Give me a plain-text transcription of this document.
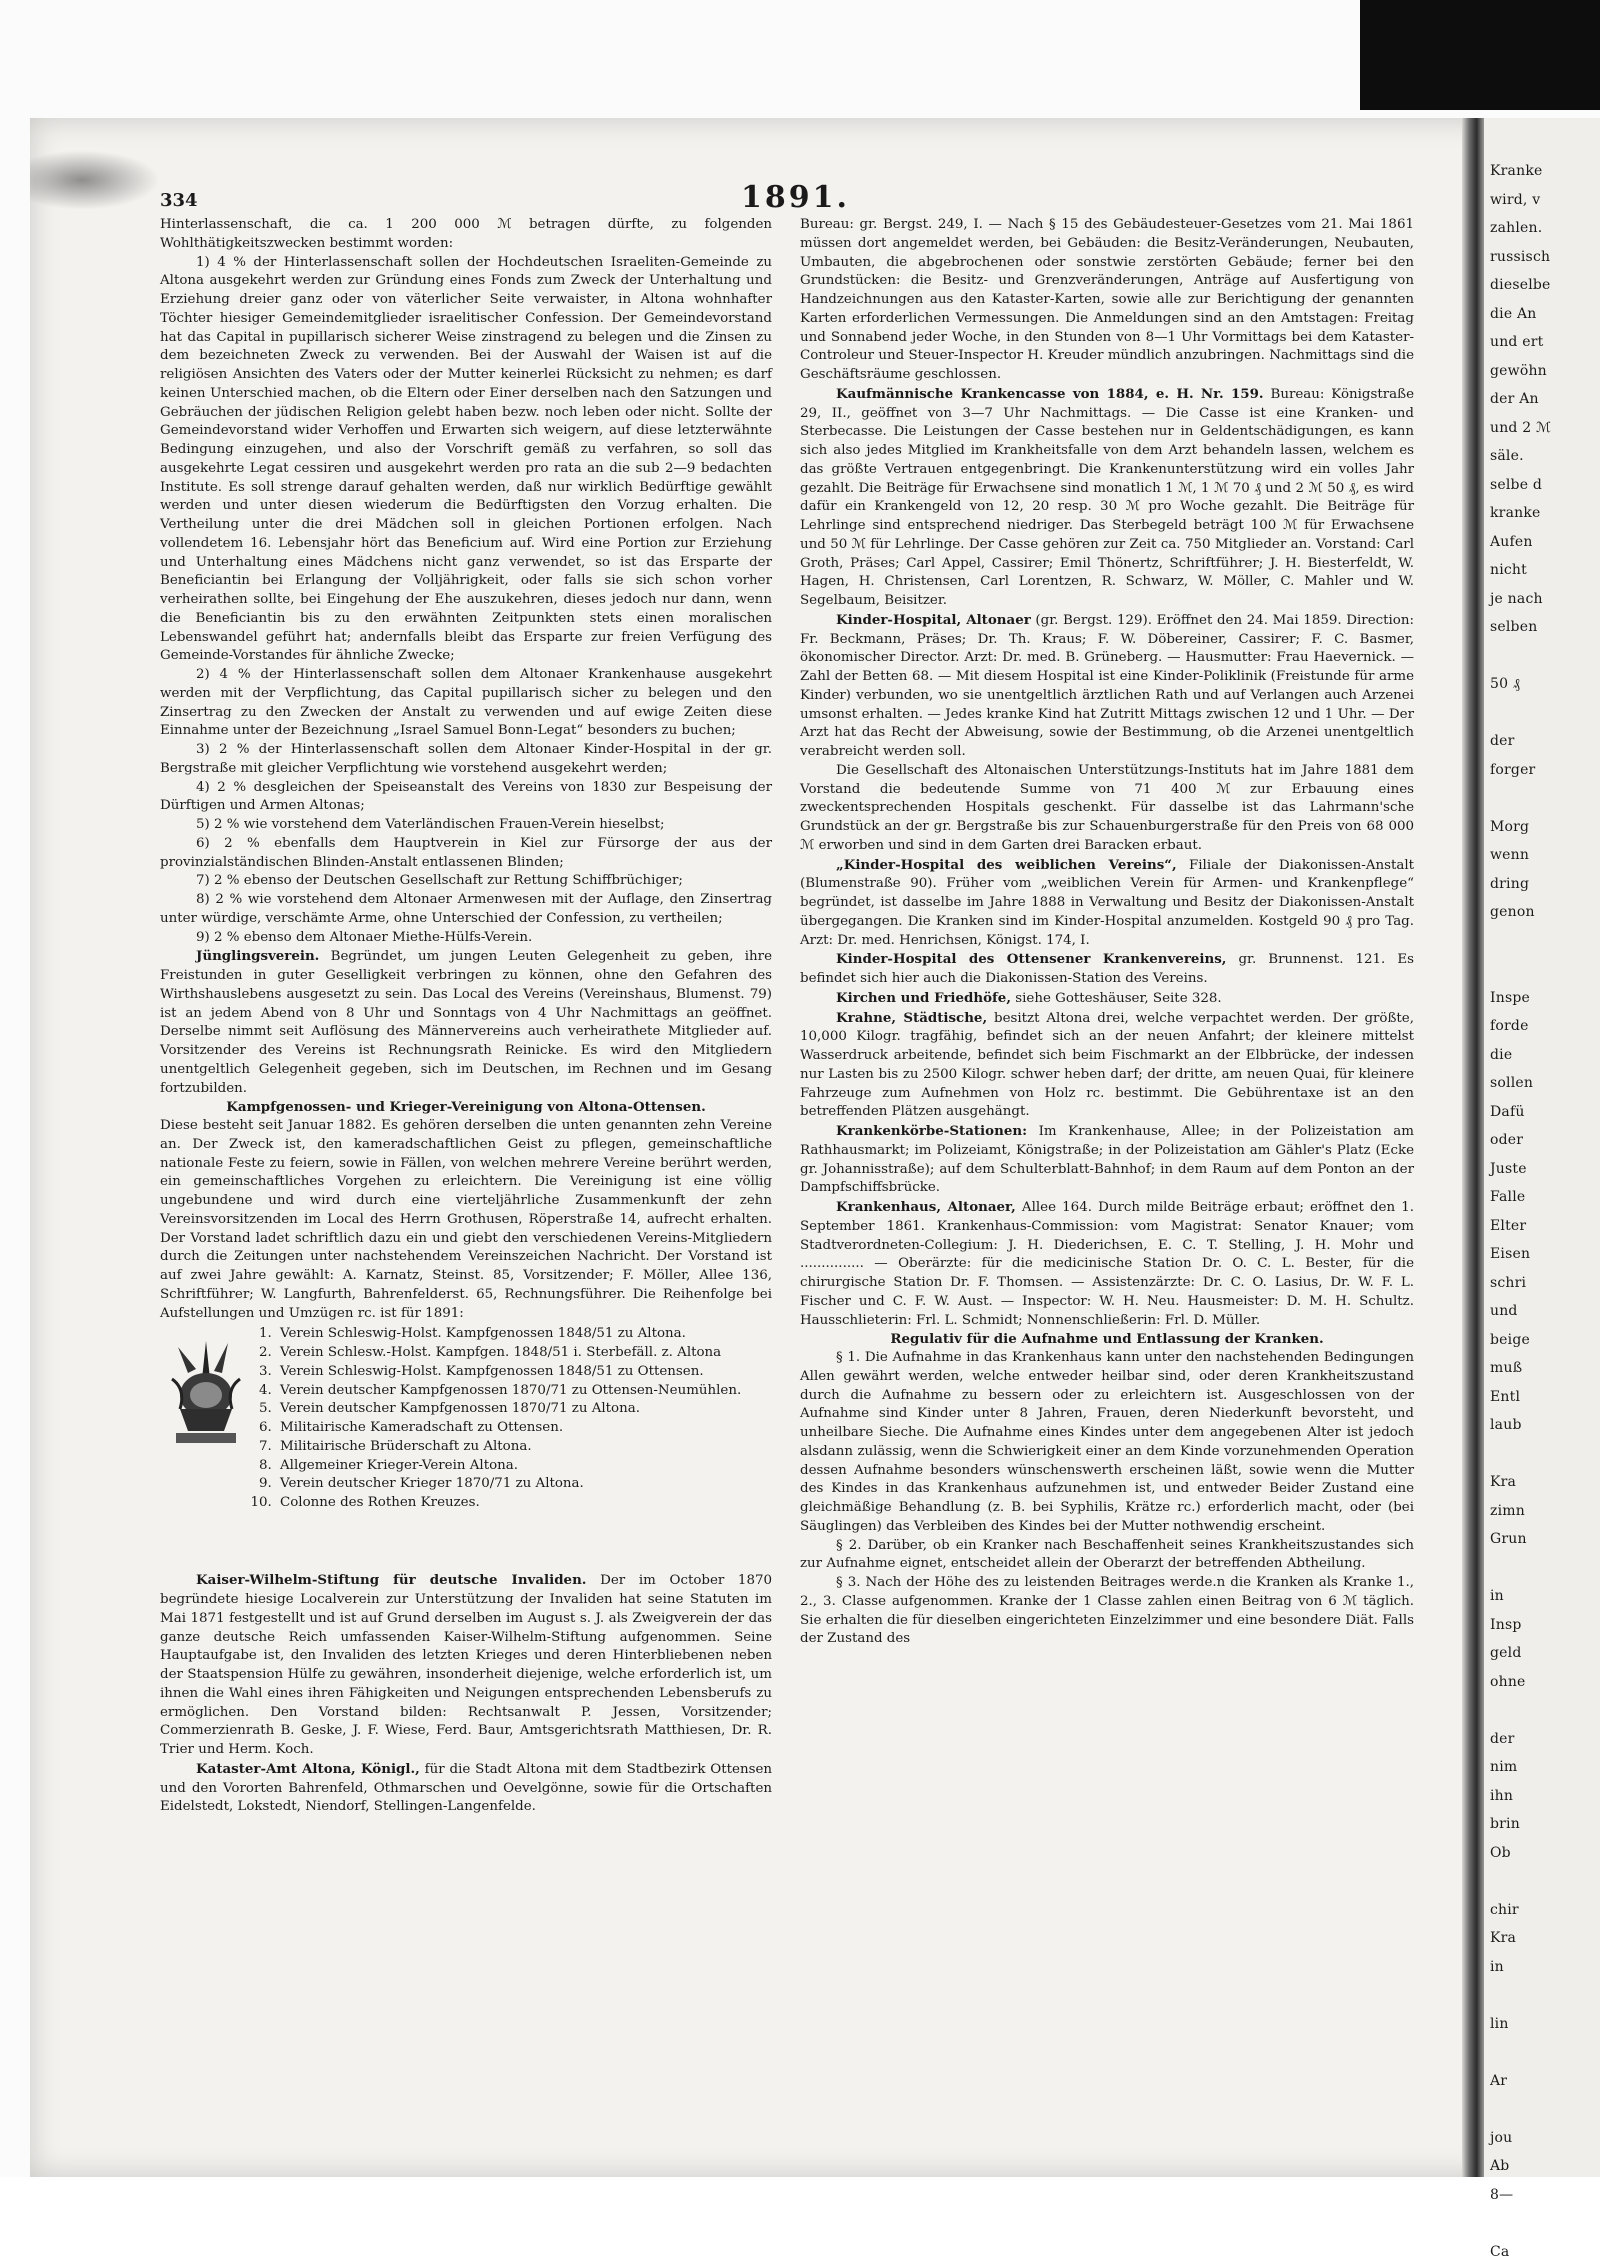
Kranke
wird, v
zahlen.
russisch
dieselbe
die An
und ert
gewöhn
der An
und 2 ℳ
säle.
selbe d
kranke
Aufen
nicht
je nach
selben
50 ₰
der
forger
Morg
wenn
dring
genon
Inspe
forde
die
sollen
Dafü
oder
Juste
Falle
Elter
Eisen
schri
und
beige
muß
Entl
laub
Kra
zimn
Grun
in
Insp
geld
ohne
der
nim
ihn
brin
Ob
chir
Kra
in
lin
Ar
jou
Ab
8—
Ca
334	1891.

Hinterlassenschaft, die ca. 1 200 000 ℳ betragen dürfte, zu folgenden Wohlthätigkeitszwecken bestimmt worden:

1) 4 % der Hinterlassenschaft sollen der Hochdeutschen Israeliten-Gemeinde zu Altona ausgekehrt werden zur Gründung eines Fonds zum Zweck der Unterhaltung und Erziehung dreier ganz oder von väterlicher Seite verwaister, in Altona wohnhafter Töchter hiesiger Gemeindemitglieder israelitischer Confession. Der Gemeindevorstand hat das Capital in pupillarisch sicherer Weise zinstragend zu belegen und die Zinsen zu dem bezeichneten Zweck zu verwenden. Bei der Auswahl der Waisen ist auf die religiösen Ansichten des Vaters oder der Mutter keinerlei Rücksicht zu nehmen; es darf keinen Unterschied machen, ob die Eltern oder Einer derselben nach den Satzungen und Gebräuchen der jüdischen Religion gelebt haben bezw. noch leben oder nicht. Sollte der Gemeindevorstand wider Verhoffen und Erwarten sich weigern, auf diese letzterwähnte Bedingung einzugehen, und also der Vorschrift gemäß zu verfahren, so soll das ausgekehrte Legat cessiren und ausgekehrt werden pro rata an die sub 2—9 bedachten Institute. Es soll strenge darauf gehalten werden, daß nur wirklich Bedürftige gewählt werden und unter diesen wiederum die Bedürftigsten den Vorzug erhalten. Die Vertheilung unter die drei Mädchen soll in gleichen Portionen erfolgen. Nach vollendetem 16. Lebensjahr hört das Beneficium auf. Wird eine Portion zur Erziehung und Unterhaltung eines Mädchens nicht ganz verwendet, so ist das Ersparte der Beneficiantin bei Erlangung der Volljährigkeit, oder falls sie sich schon vorher verheirathen sollte, bei Eingehung der Ehe auszukehren, dieses jedoch nur dann, wenn die Beneficiantin bis zu den erwähnten Zeitpunkten stets einen moralischen Lebenswandel geführt hat; andernfalls bleibt das Ersparte zur freien Verfügung des Gemeinde-Vorstandes für ähnliche Zwecke;

2) 4 % der Hinterlassenschaft sollen dem Altonaer Krankenhause ausgekehrt werden mit der Verpflichtung, das Capital pupillarisch sicher zu belegen und den Zinsertrag zu den Zwecken der Anstalt zu verwenden und auf ewige Zeiten diese Einnahme unter der Bezeichnung „Israel Samuel Bonn-Legat“ besonders zu buchen;

3) 2 % der Hinterlassenschaft sollen dem Altonaer Kinder-Hospital in der gr. Bergstraße mit gleicher Verpflichtung wie vorstehend ausgekehrt werden;

4) 2 % desgleichen der Speiseanstalt des Vereins von 1830 zur Bespeisung der Dürftigen und Armen Altonas;

5) 2 % wie vorstehend dem Vaterländischen Frauen-Verein hieselbst;

6) 2 % ebenfalls dem Hauptverein in Kiel zur Fürsorge der aus der provinzialständischen Blinden-Anstalt entlassenen Blinden;

7) 2 % ebenso der Deutschen Gesellschaft zur Rettung Schiffbrüchiger;

8) 2 % wie vorstehend dem Altonaer Armenwesen mit der Auflage, den Zinsertrag unter würdige, verschämte Arme, ohne Unterschied der Confession, zu vertheilen;

9) 2 % ebenso dem Altonaer Miethe-Hülfs-Verein.

Jünglingsverein. Begründet, um jungen Leuten Gelegenheit zu geben, ihre Freistunden in guter Geselligkeit verbringen zu können, ohne den Gefahren des Wirthshauslebens ausgesetzt zu sein. Das Local des Vereins (Vereinshaus, Blumenst. 79) ist an jedem Abend von 8 Uhr und Sonntags von 4 Uhr Nachmittags an geöffnet. Derselbe nimmt seit Auflösung des Männervereins auch verheirathete Mitglieder auf. Vorsitzender des Vereins ist Rechnungsrath Reinicke. Es wird den Mitgliedern unentgeltlich Gelegenheit gegeben, sich im Deutschen, im Rechnen und im Gesang fortzubilden.

Kampfgenossen- und Krieger-Vereinigung von Altona-Ottensen.

Diese besteht seit Januar 1882. Es gehören derselben die unten genannten zehn Vereine an. Der Zweck ist, den kameradschaftlichen Geist zu pflegen, gemeinschaftliche nationale Feste zu feiern, sowie in Fällen, von welchen mehrere Vereine berührt werden, ein gemeinschaftliches Vorgehen zu erleichtern. Die Vereinigung ist eine völlig ungebundene und wird durch eine vierteljährliche Zusammenkunft der zehn Vereinsvorsitzenden im Local des Herrn Grothusen, Röperstraße 14, aufrecht erhalten. Der Vorstand ladet schriftlich dazu ein und giebt den verschiedenen Vereins-Mitgliedern durch die Zeitungen unter nachstehendem Vereinszeichen Nachricht. Der Vorstand ist auf zwei Jahre gewählt: A. Karnatz, Steinst. 85, Vorsitzender; F. Möller, Allee 136, Schriftführer; W. Langfurth, Bahrenfelderst. 65, Rechnungsführer. Die Reihenfolge bei Aufstellungen und Umzügen rc. ist für 1891:

1. Verein Schleswig-Holst. Kampfgenossen 1848/51 zu Altona.
2. Verein Schlesw.-Holst. Kampfgen. 1848/51 i. Sterbefäll. z. Altona
3. Verein Schleswig-Holst. Kampfgenossen 1848/51 zu Ottensen.
4. Verein deutscher Kampfgenossen 1870/71 zu Ottensen-Neumühlen.
5. Verein deutscher Kampfgenossen 1870/71 zu Altona.
6. Militairische Kameradschaft zu Ottensen.
7. Militairische Brüderschaft zu Altona.
8. Allgemeiner Krieger-Verein Altona.
9. Verein deutscher Krieger 1870/71 zu Altona.
10. Colonne des Rothen Kreuzes.

Kaiser-Wilhelm-Stiftung für deutsche Invaliden. Der im October 1870 begründete hiesige Localverein zur Unterstützung der Invaliden hat seine Statuten im Mai 1871 festgestellt und ist auf Grund derselben im August s. J. als Zweigverein der das ganze deutsche Reich umfassenden Kaiser-Wilhelm-Stiftung aufgenommen. Seine Hauptaufgabe ist, den Invaliden des letzten Krieges und deren Hinterbliebenen neben der Staatspension Hülfe zu gewähren, insonderheit diejenige, welche erforderlich ist, um ihnen die Wahl eines ihren Fähigkeiten und Neigungen entsprechenden Lebensberufs zu ermöglichen. Den Vorstand bilden: Rechtsanwalt P. Jessen, Vorsitzender; Commerzienrath B. Geske, J. F. Wiese, Ferd. Baur, Amtsgerichtsrath Matthiesen, Dr. R. Trier und Herm. Koch.

Kataster-Amt Altona, Königl., für die Stadt Altona mit dem Stadtbezirk Ottensen und den Vororten Bahrenfeld, Othmarschen und Oevelgönne, sowie für die Ortschaften Eidelstedt, Lokstedt, Niendorf, Stellingen-Langenfelde.

Bureau: gr. Bergst. 249, I. — Nach § 15 des Gebäudesteuer-Gesetzes vom 21. Mai 1861 müssen dort angemeldet werden, bei Gebäuden: die Besitz-Veränderungen, Neubauten, Umbauten, die abgebrochenen oder sonstwie zerstörten Gebäude; ferner bei den Grundstücken: die Besitz- und Grenzveränderungen, Anträge auf Ausfertigung von Handzeichnungen aus den Kataster-Karten, sowie alle zur Berichtigung der genannten Karten erforderlichen Vermessungen. Die Anmeldungen sind an den Amtstagen: Freitag und Sonnabend jeder Woche, in den Stunden von 8—1 Uhr Vormittags bei dem Kataster-Controleur und Steuer-Inspector H. Kreuder mündlich anzubringen. Nachmittags sind die Geschäftsräume geschlossen.

Kaufmännische Krankencasse von 1884, e. H. Nr. 159. Bureau: Königstraße 29, II., geöffnet von 3—7 Uhr Nachmittags. — Die Casse ist eine Kranken- und Sterbecasse. Die Leistungen der Casse bestehen nur in Geldentschädigungen, es kann sich also jedes Mitglied im Krankheitsfalle von dem Arzt behandeln lassen, welchem es das größte Vertrauen entgegenbringt. Die Krankenunterstützung wird ein volles Jahr gezahlt. Die Beiträge für Erwachsene sind monatlich 1 ℳ, 1 ℳ 70 ₰ und 2 ℳ 50 ₰, es wird dafür ein Krankengeld von 12, 20 resp. 30 ℳ pro Woche gezahlt. Die Beiträge für Lehrlinge sind entsprechend niedriger. Das Sterbegeld beträgt 100 ℳ für Erwachsene und 50 ℳ für Lehrlinge. Der Casse gehören zur Zeit ca. 750 Mitglieder an. Vorstand: Carl Groth, Präses; Carl Appel, Cassirer; Emil Thönertz, Schriftführer; J. H. Biesterfeldt, W. Hagen, H. Christensen, Carl Lorentzen, R. Schwarz, W. Möller, C. Mahler und W. Segelbaum, Beisitzer.

Kinder-Hospital, Altonaer (gr. Bergst. 129). Eröffnet den 24. Mai 1859. Direction: Fr. Beckmann, Präses; Dr. Th. Kraus; F. W. Döbereiner, Cassirer; F. C. Basmer, ökonomischer Director. Arzt: Dr. med. B. Grüneberg. — Hausmutter: Frau Haevernick. — Zahl der Betten 68. — Mit diesem Hospital ist eine Kinder-Poliklinik (Freistunde für arme Kinder) verbunden, wo sie unentgeltlich ärztlichen Rath und auf Verlangen auch Arzenei umsonst erhalten. — Jedes kranke Kind hat Zutritt Mittags zwischen 12 und 1 Uhr. — Der Arzt hat das Recht der Abweisung, sowie der Bestimmung, ob die Arzenei unentgeltlich verabreicht werden soll.

Die Gesellschaft des Altonaischen Unterstützungs-Instituts hat im Jahre 1881 dem Vorstand die bedeutende Summe von 71 400 ℳ zur Erbauung eines zweckentsprechenden Hospitals geschenkt. Für dasselbe ist das Lahrmann'sche Grundstück an der gr. Bergstraße bis zur Schauenburgerstraße für den Preis von 68 000 ℳ erworben und sind in dem Garten drei Baracken erbaut.

„Kinder-Hospital des weiblichen Vereins“, Filiale der Diakonissen-Anstalt (Blumenstraße 90). Früher vom „weiblichen Verein für Armen- und Krankenpflege“ begründet, ist dasselbe im Jahre 1888 in Verwaltung und Besitz der Diakonissen-Anstalt übergegangen. Die Kranken sind im Kinder-Hospital anzumelden. Kostgeld 90 ₰ pro Tag. Arzt: Dr. med. Henrichsen, Königst. 174, I.

Kinder-Hospital des Ottensener Krankenvereins, gr. Brunnenst. 121. Es befindet sich hier auch die Diakonissen-Station des Vereins.

Kirchen und Friedhöfe, siehe Gotteshäuser, Seite 328.

Krahne, Städtische, besitzt Altona drei, welche verpachtet werden. Der größte, 10,000 Kilogr. tragfähig, befindet sich an der neuen Anfahrt; der kleinere mittelst Wasserdruck arbeitende, befindet sich beim Fischmarkt an der Elbbrücke, der indessen nur Lasten bis zu 2500 Kilogr. schwer heben darf; der dritte, am neuen Quai, für kleinere Fahrzeuge zum Aufnehmen von Holz rc. bestimmt. Die Gebührentaxe ist an den betreffenden Plätzen ausgehängt.

Krankenkörbe-Stationen: Im Krankenhause, Allee; in der Polizeistation am Rathhausmarkt; im Polizeiamt, Königstraße; in der Polizeistation am Gähler's Platz (Ecke gr. Johannisstraße); auf dem Schulterblatt-Bahnhof; in dem Raum auf dem Ponton an der Dampfschiffsbrücke.

Krankenhaus, Altonaer, Allee 164. Durch milde Beiträge erbaut; eröffnet den 1. September 1861. Krankenhaus-Commission: vom Magistrat: Senator Knauer; vom Stadtverordneten-Collegium: J. H. Diederichsen, E. C. T. Stelling, J. H. Mohr und ............... — Oberärzte: für die medicinische Station Dr. O. C. L. Bester, für die chirurgische Station Dr. F. Thomsen. — Assistenzärzte: Dr. C. O. Lasius, Dr. W. F. L. Fischer und C. F. W. Aust. — Inspector: W. H. Neu. Hausmeister: D. M. H. Schultz. Hausschlieterin: Frl. L. Schmidt; Nonnenschließerin: Frl. D. Müller.

Regulativ für die Aufnahme und Entlassung der Kranken.

§ 1. Die Aufnahme in das Krankenhaus kann unter den nachstehenden Bedingungen Allen gewährt werden, welche entweder heilbar sind, oder deren Krankheitszustand durch die Aufnahme zu bessern oder zu erleichtern ist. Ausgeschlossen von der Aufnahme sind Kinder unter 8 Jahren, Frauen, deren Niederkunft bevorsteht, und unheilbare Sieche. Die Aufnahme eines Kindes unter dem angegebenen Alter ist jedoch alsdann zulässig, wenn die Schwierigkeit einer an dem Kinde vorzunehmenden Operation dessen Aufnahme besonders wünschenswerth erscheinen läßt, sowie wenn die Mutter des Kindes in das Krankenhaus aufzunehmen ist, und entweder Beider Zustand eine gleichmäßige Behandlung (z. B. bei Syphilis, Krätze rc.) erforderlich macht, oder (bei Säuglingen) das Verbleiben des Kindes bei der Mutter nothwendig erscheint.

§ 2. Darüber, ob ein Kranker nach Beschaffenheit seines Krankheitszustandes sich zur Aufnahme eignet, entscheidet allein der Oberarzt der betreffenden Abtheilung.

§ 3. Nach der Höhe des zu leistenden Beitrages werde.n die Kranken als Kranke 1., 2., 3. Classe aufgenommen. Kranke der 1 Classe zahlen einen Beitrag von 6 ℳ täglich. Sie erhalten die für dieselben eingerichteten Einzelzimmer und eine besondere Diät. Falls der Zustand des
